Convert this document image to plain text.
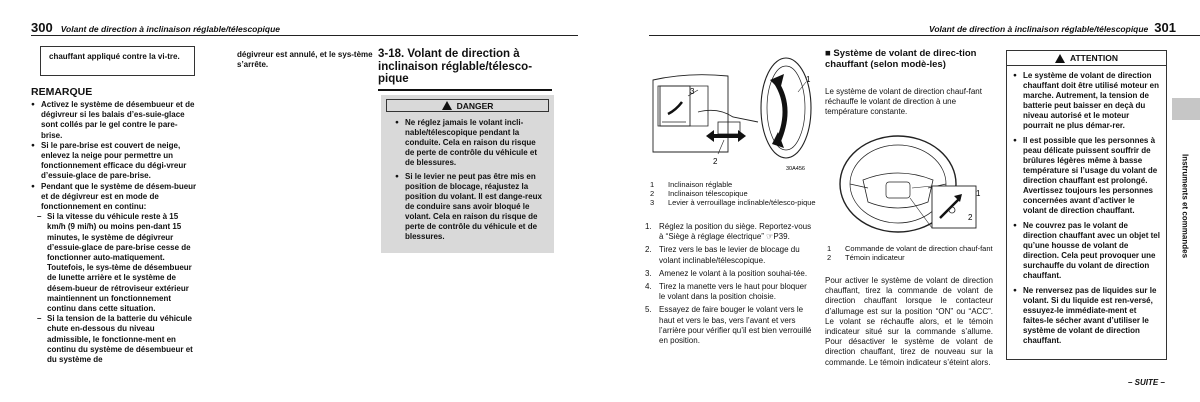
300 Volant de direction à inclinaison réglable/télescopique	Volant de direction à inclinaison réglable/télescopique 301
chauffant appliqué contre la vi-tre.
REMARQUE
● Activez le système de désembueur et de dégivreur si les balais d’es-suie-glace sont collés par le gel contre le pare-brise.
● Si le pare-brise est couvert de neige, enlevez la neige pour permettre un fonctionnement efficace du dégi-vreur d’essuie-glace de pare-brise.
● Pendant que le système de désem-bueur et de dégivreur est en mode de fonctionnement en continu:
– Si la vitesse du véhicule reste à 15 km/h (9 mi/h) ou moins pen-dant 15 minutes, le système de dégivreur d’essuie-glace de pare-brise cesse de fonctionner auto-matiquement. Toutefois, le sys-tème de désembueur de lunette arrière et le système de désem-bueur de rétroviseur extérieur maintiennent un fonctionnement continu dans cette situation.
– Si la tension de la batterie du véhicule chute en-dessous du niveau admissible, le fonctionne-ment en continu du système de désembueur et du système de
dégivreur est annulé, et le sys-tème s’arrête.
3-18. Volant de direction à inclinaison réglable/télesco-pique
DANGER
● Ne réglez jamais le volant incli-nable/télescopique pendant la conduite. Cela en raison du risque de perte de contrôle du véhicule et de blessures.
● Si le levier ne peut pas être mis en position de blocage, réajustez la position du volant. Il est dange-reux de conduire sans avoir bloqué le volant. Cela en raison du risque de perte de contrôle du véhicule et de blessures.
1
2
3
30A456
1	Inclinaison réglable
2	Inclinaison télescopique
3	Levier à verrouillage inclinable/télesco-pique
1. Réglez la position du siège. Reportez-vous à “Siège à réglage électrique” ☞P39.
2. Tirez vers le bas le levier de blocage du volant inclinable/télescopique.
3. Amenez le volant à la position souhai-tée.
4. Tirez la manette vers le haut pour bloquer le volant dans la position choisie.
5. Essayez de faire bouger le volant vers le haut et vers le bas, vers l’avant et vers l’arrière pour vérifier qu’il est bien verrouillé en position.
■ Système de volant de direc-tion chauffant (selon modè-les)
Le système de volant de direction chauf-fant réchauffe le volant de direction à une température constante.
1
2
1	Commande de volant de direction chauf-fant
2	Témoin indicateur
Pour activer le système de volant de direction chauffant, tirez la commande de volant de direction chauffant lorsque le contacteur d’allumage est sur la position “ON” ou “ACC”. Le volant se réchauffe alors, et le témoin indicateur situé sur la commande s’allume. Pour désactiver le système de volant de direction chauffant, tirez de nouveau sur la commande. Le témoin indicateur s’éteint alors.
ATTENTION
● Le système de volant de direction chauffant doit être utilisé moteur en marche. Autrement, la tension de batterie peut baisser en deçà du niveau autorisé et le moteur pourrait ne plus démar-rer.
● Il est possible que les personnes à peau délicate puissent souffrir de brûlures légères même à basse température si l’usage du volant de direction chauffant est prolongé. Avertissez toujours les personnes concernées avant d’activer le volant de direction chauffant.
● Ne couvrez pas le volant de direction chauffant avec un objet tel qu’une housse de volant de direction. Cela peut provoquer une surchauffe du volant de direction chauffant.
● Ne renversez pas de liquides sur le volant. Si du liquide est ren-versé, essuyez-le immédiate-ment et faites-le sécher avant d’utiliser le système de volant de direction chauffant.
Instruments et commandes
– SUITE –
